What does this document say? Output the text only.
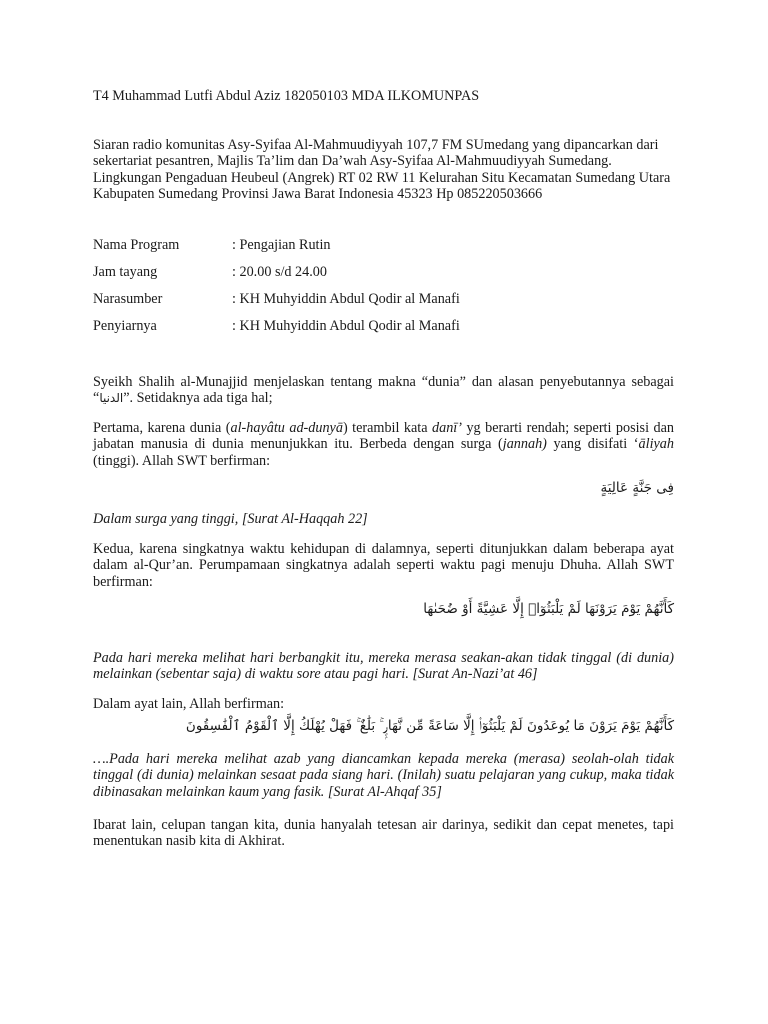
T4 Muhammad Lutfi Abdul Aziz 182050103 MDA ILKOMUNPAS
Siaran radio komunitas Asy-Syifaa Al-Mahmuudiyyah 107,7 FM SUmedang yang dipancarkan dari sekertariat pesantren, Majlis Ta’lim dan Da’wah Asy-Syifaa Al-Mahmuudiyyah Sumedang. Lingkungan Pengaduan Heubeul (Angrek) RT 02 RW 11 Kelurahan Situ Kecamatan Sumedang Utara Kabupaten Sumedang Provinsi Jawa Barat Indonesia 45323 Hp 085220503666
Nama Program	: Pengajian Rutin
Jam tayang	: 20.00 s/d 24.00
Narasumber	: KH Muhyiddin Abdul Qodir al Manafi
Penyiarnya	: KH Muhyiddin Abdul Qodir al Manafi
Syeikh Shalih al-Munajjid menjelaskan tentang makna “dunia” dan alasan penyebutannya sebagai “الدنيا”. Setidaknya ada tiga hal;
Pertama, karena dunia (al-hayâtu ad-dunyā) terambil kata danī’ yg berarti rendah; seperti posisi dan jabatan manusia di dunia menunjukkan itu. Berbeda dengan surga (jannah) yang disifati ‘āliyah (tinggi). Allah SWT berfirman:
فِى جَنَّةٍ عَالِيَةٍ
Dalam surga yang tinggi, [Surat Al-Haqqah 22]
Kedua, karena singkatnya waktu kehidupan di dalamnya, seperti ditunjukkan dalam beberapa ayat dalam al-Qur’an. Perumpamaan singkatnya adalah seperti waktu pagi menuju Dhuha. Allah SWT berfirman:
كَأَنَّهُمْ يَوْمَ يَرَوْنَهَا لَمْ يَلْبَثُوٓا۟ إِلَّا عَشِيَّةً أَوْ ضُحَىٰهَا
Pada hari mereka melihat hari berbangkit itu, mereka merasa seakan-akan tidak tinggal (di dunia) melainkan (sebentar saja) di waktu sore atau pagi hari. [Surat An-Nazi’at 46]
Dalam ayat lain, Allah berfirman:
كَأَنَّهُمْ يَوْمَ يَرَوْنَ مَا يُوعَدُونَ لَمْ يَلْبَثُوٓا۟ إِلَّا سَاعَةً مِّن نَّهَارٍۭ ۚ بَلَٰغٌ ۚ فَهَلْ يُهْلَكُ إِلَّا ٱلْقَوْمُ ٱلْفَٰسِقُونَ
….Pada hari mereka melihat azab yang diancamkan kepada mereka (merasa) seolah-olah tidak tinggal (di dunia) melainkan sesaat pada siang hari. (Inilah) suatu pelajaran yang cukup, maka tidak dibinasakan melainkan kaum yang fasik. [Surat Al-Ahqaf 35]
Ibarat lain, celupan tangan kita, dunia hanyalah tetesan air darinya, sedikit dan cepat menetes, tapi menentukan nasib kita di Akhirat.
